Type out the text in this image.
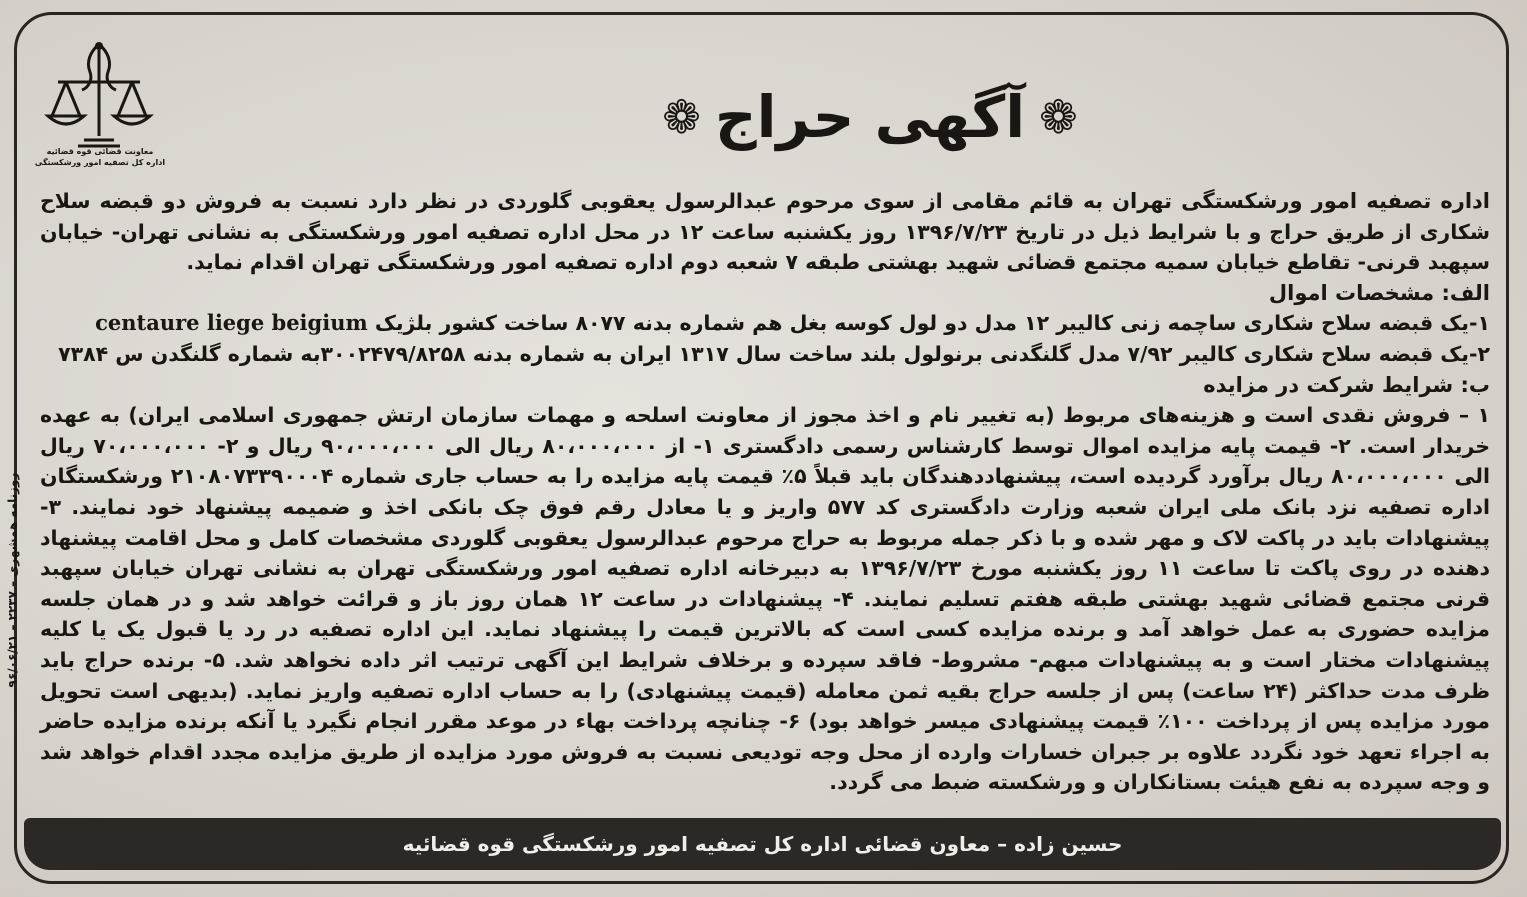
معاونت قضائی قوه قضائیه
اداره کل تصفیه امور ورشکستگی
❁
آگهی حراج
❁

اداره تصفیه امور ورشکستگی تهران به قائم مقامی از سوی مرحوم عبدالرسول یعقوبی گلوردی در نظر دارد نسبت به فروش دو قبضه سلاح شکاری از طریق حراج و با شرایط ذیل در تاریخ ۱۳۹۶/۷/۲۳ روز یکشنبه ساعت ۱۲ در محل اداره تصفیه امور ورشکستگی به نشانی تهران- خیابان سپهبد قرنی- تقاطع خیابان سمیه مجتمع قضائی شهید بهشتی طبقه ۷ شعبه دوم اداره تصفیه امور ورشکستگی تهران اقدام نماید.

الف: مشخصات اموال

۱-یک قبضه سلاح شکاری ساچمه زنی کالیبر ۱۲ مدل دو لول کوسه بغل هم شماره بدنه ۸۰۷۷ ساخت کشور بلژیک centaure liege beigium

۲-یک قبضه سلاح شکاری کالیبر ۷/۹۲ مدل گلنگدنی برنولول بلند ساخت سال ۱۳۱۷ ایران به شماره بدنه ۳۰۰۲۴۷۹/۸۲۵۸به شماره گلنگدن س ۷۳۸۴

ب: شرایط شرکت در مزایده

۱ – فروش نقدی است و هزینه‌های مربوط (به تغییر نام و اخذ مجوز از معاونت اسلحه و مهمات سازمان ارتش جمهوری اسلامی ایران) به عهده خریدار است. ۲- قیمت پایه مزایده اموال توسط کارشناس رسمی دادگستری ۱- از ۸۰،۰۰۰،۰۰۰ ریال الی ۹۰،۰۰۰،۰۰۰ ریال و ۲- ۷۰،۰۰۰،۰۰۰ ریال الی ۸۰،۰۰۰،۰۰۰ ریال برآورد گردیده است، پیشنهاددهندگان باید قبلاً ۵٪ قیمت پایه مزایده را به حساب جاری شماره ۲۱۰۸۰۷۳۳۹۰۰۰۴ ورشکستگان اداره تصفیه نزد بانک ملی ایران شعبه وزارت دادگستری کد ۵۷۷ واریز و یا معادل رقم فوق چک بانکی اخذ و ضمیمه پیشنهاد خود نمایند. ۳- پیشنهادات باید در پاکت لاک و مهر شده و با ذکر جمله مربوط به حراج مرحوم عبدالرسول یعقوبی گلوردی مشخصات کامل و محل اقامت پیشنهاد دهنده در روی پاکت تا ساعت ۱۱ روز یکشنبه مورخ ۱۳۹۶/۷/۲۳ به دبیرخانه اداره تصفیه امور ورشکستگی تهران به نشانی تهران خیابان سپهبد قرنی مجتمع قضائی شهید بهشتی طبقه هفتم تسلیم نمایند. ۴- پیشنهادات در ساعت ۱۲ همان روز باز و قرائت خواهد شد و در همان جلسه مزایده حضوری به عمل خواهد آمد و برنده مزایده کسی است که بالاترین قیمت را پیشنهاد نماید. این اداره تصفیه در رد یا قبول یک یا کلیه پیشنهادات مختار است و به پیشنهادات مبهم- مشروط- فاقد سپرده و برخلاف شرایط این آگهی ترتیب اثر داده نخواهد شد. ۵- برنده حراج باید ظرف مدت حداکثر (۲۴ ساعت) پس از جلسه حراج بقیه ثمن معامله (قیمت پیشنهادی) را به حساب اداره تصفیه واریز نماید. (بدیهی است تحویل مورد مزایده پس از پرداخت ۱۰۰٪ قیمت پیشنهادی میسر خواهد بود) ۶- چنانچه پرداخت بهاء در موعد مقرر انجام نگیرد یا آنکه برنده مزایده حاضر به اجراء تعهد خود نگردد علاوه بر جبران خسارات وارده از محل وجه تودیعی نسبت به فروش مورد مزایده از طریق مزایده مجدد اقدام خواهد شد و وجه سپرده به نفع هیئت بستانکاران و ورشکسته ضبط می گردد.

روزنامه همشهری – ۲۲۳۷ – ۹۶/۰۶/۲۱
حسین زاده – معاون قضائی اداره کل تصفیه امور ورشکستگی قوه قضائیه
